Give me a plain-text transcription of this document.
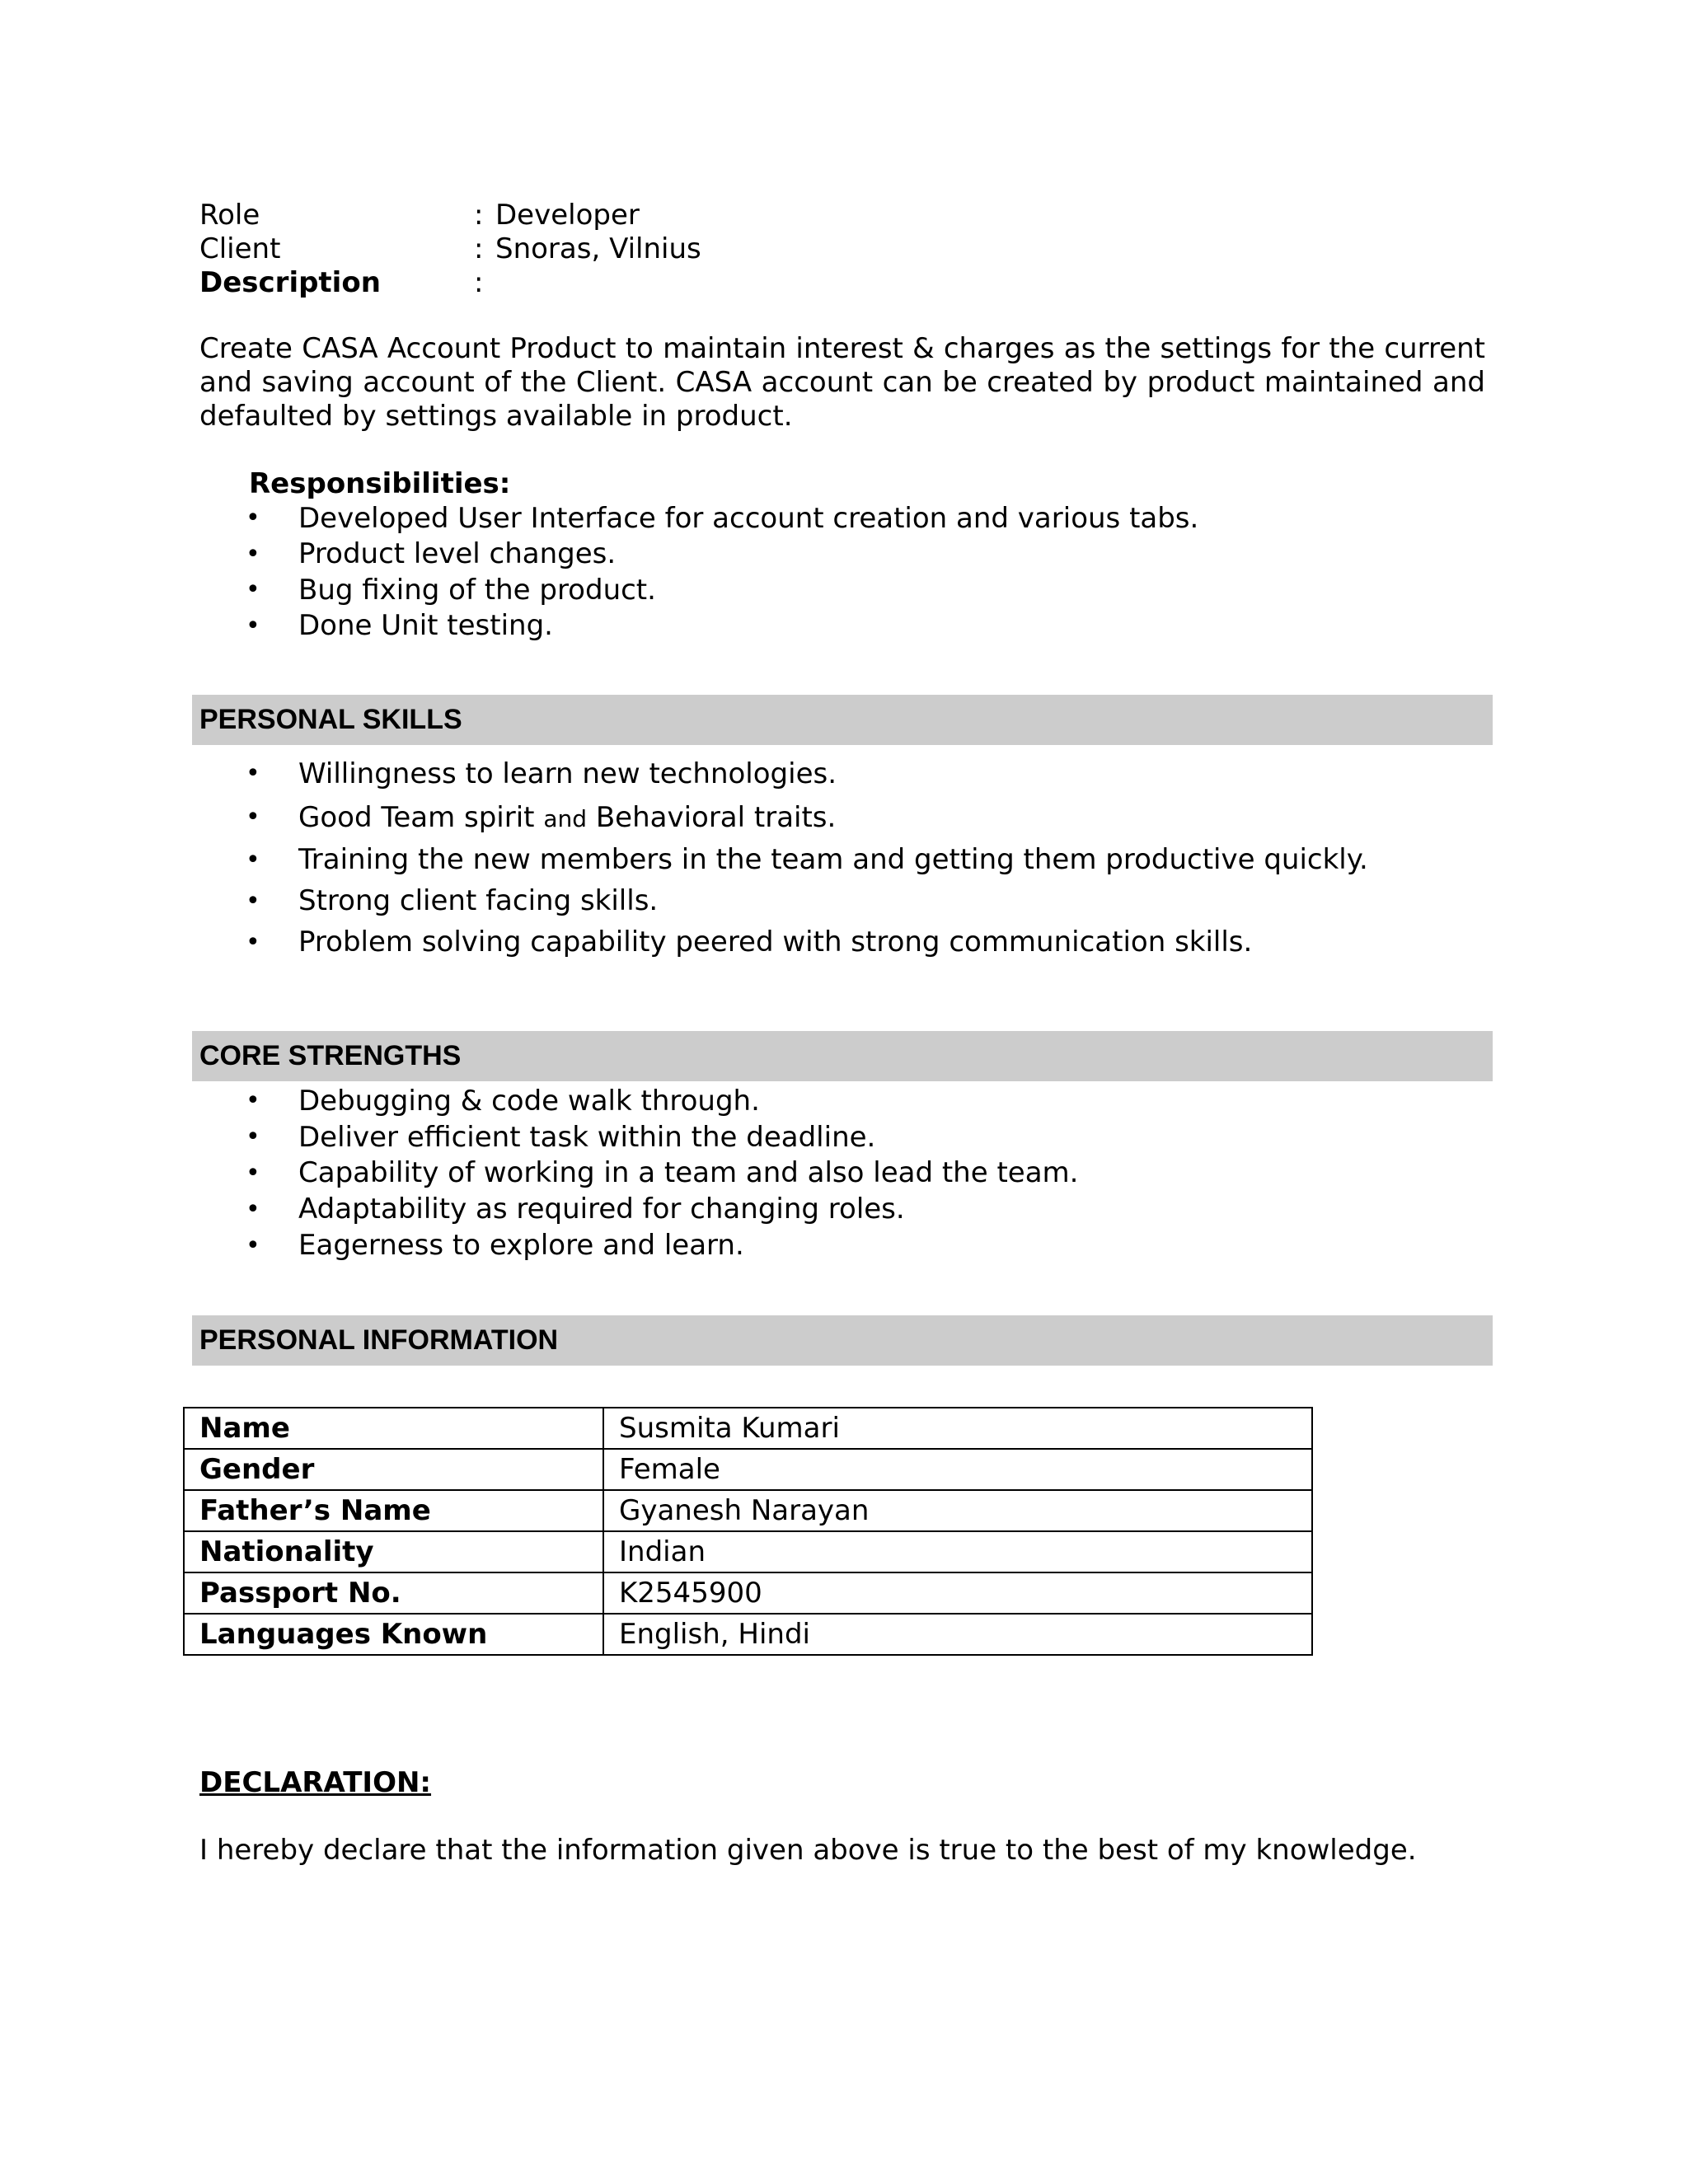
Role	: Developer
Client	: Snoras, Vilnius
Description	:

Create CASA Account Product to maintain interest & charges as the settings for the current and saving account of the Client. CASA account can be created by product maintained and defaulted by settings available in product.

Responsibilities:
•	Developed User Interface for account creation and various tabs.
•	Product level changes.
•	Bug fixing of the product.
•	Done Unit testing.
PERSONAL SKILLS
•	Willingness to learn new technologies.
•	Good Team spirit and Behavioral traits.
•	Training the new members in the team and getting them productive quickly.
•	Strong client facing skills.
•	Problem solving capability peered with strong communication skills.
CORE STRENGTHS
•	Debugging & code walk through.
•	Deliver efficient task within the deadline.
•	Capability of working in a team and also lead the team.
•	Adaptability as required for changing roles.
•	Eagerness to explore and learn.
PERSONAL INFORMATION
Name	Susmita Kumari
Gender	Female
Father’s Name	Gyanesh Narayan
Nationality	Indian
Passport No.	K2545900
Languages Known	English, Hindi
DECLARATION:
I hereby declare that the information given above is true to the best of my knowledge.
